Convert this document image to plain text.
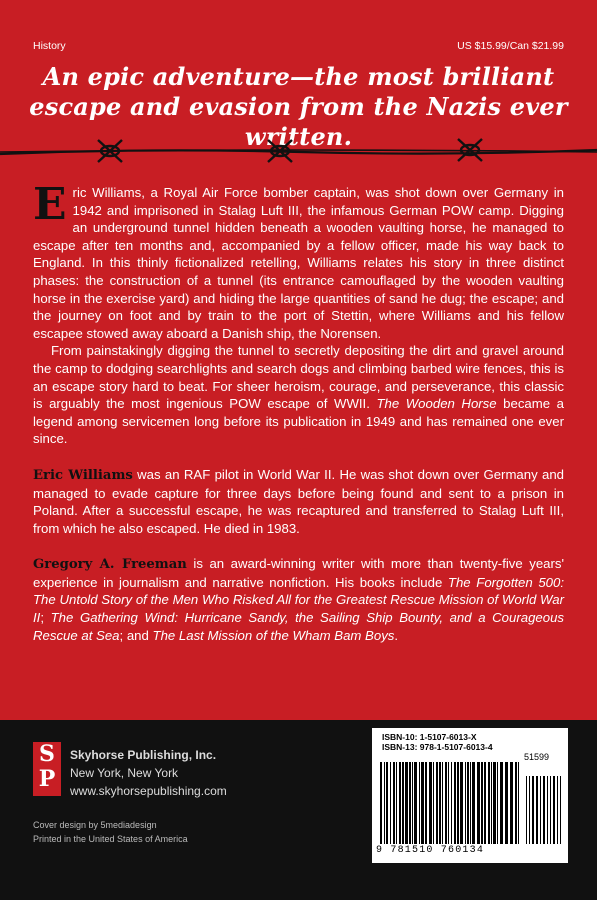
History	US $15.99/Can $21.99
An epic adventure—the most brilliant escape and evasion from the Nazis ever written.

Eric Williams, a Royal Air Force bomber captain, was shot down over Germany in 1942 and imprisoned in Stalag Luft III, the infamous German POW camp. Digging an underground tunnel hidden beneath a wooden vaulting horse, he managed to escape after ten months and, accompanied by a fellow officer, made his way back to England. In this thinly fictionalized retelling, Williams relates his story in three distinct phases: the construction of a tunnel (its entrance camouflaged by the wooden vaulting horse in the exercise yard) and hiding the large quantities of sand he dug; the escape; and the journey on foot and by train to the port of Stettin, where Williams and his fellow escapee stowed away aboard a Danish ship, the Norensen.

From painstakingly digging the tunnel to secretly depositing the dirt and gravel around the camp to dodging searchlights and search dogs and climbing barbed wire fences, this is an escape story hard to beat. For sheer heroism, courage, and perseverance, this classic is arguably the most ingenious POW escape of WWII. The Wooden Horse became a legend among servicemen long before its publication in 1949 and has remained one ever since.

Eric Williams was an RAF pilot in World War II. He was shot down over Germany and managed to evade capture for three days before being found and sent to a prison in Poland. After a successful escape, he was recaptured and transferred to Stalag Luft III, from which he also escaped. He died in 1983.

Gregory A. Freeman is an award-winning writer with more than twenty-five years' experience in journalism and narrative nonfiction. His books include The Forgotten 500: The Untold Story of the Men Who Risked All for the Greatest Rescue Mission of World War II; The Gathering Wind: Hurricane Sandy, the Sailing Ship Bounty, and a Courageous Rescue at Sea; and The Last Mission of the Wham Bam Boys.

S P
Skyhorse Publishing, Inc.
New York, New York
www.skyhorsepublishing.com
Cover design by 5mediadesign
Printed in the United States of America
ISBN-10: 1-5107-6013-X
ISBN-13: 978-1-5107-6013-4
51599
9 781510 760134
